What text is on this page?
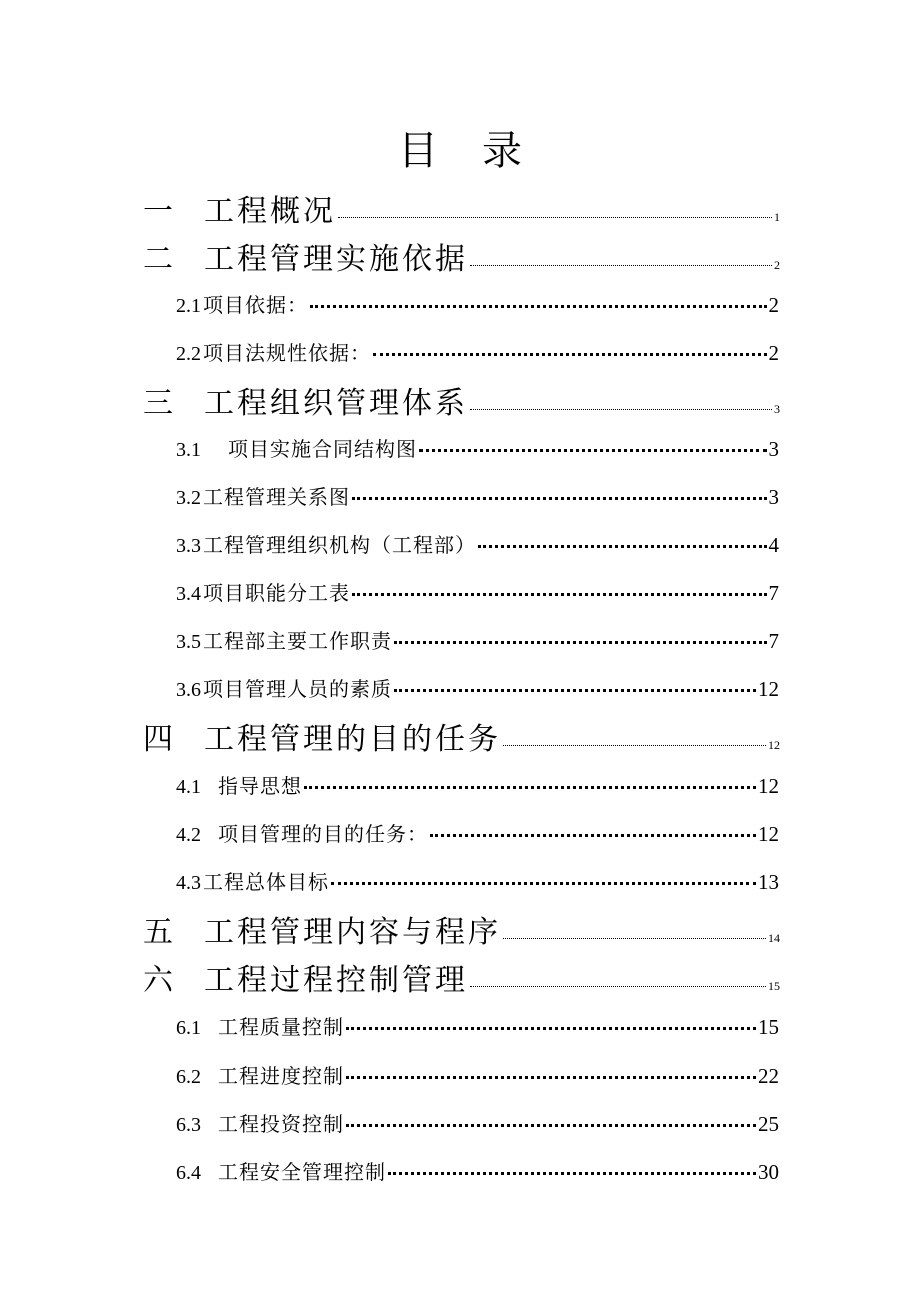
目录
一 工程概况	1
二 工程管理实施依据	2
2.1 项目依据：	2
2.2 项目法规性依据：	2
三 工程组织管理体系	3
3.1	项目实施合同结构图	3
3.2 工程管理关系图	3
3.3 工程管理组织机构（工程部）	4
3.4 项目职能分工表	7
3.5 工程部主要工作职责	7
3.6 项目管理人员的素质	12
四 工程管理的目的任务	12
4.1 指导思想	12
4.2 项目管理的目的任务：	12
4.3 工程总体目标	13
五 工程管理内容与程序	14
六 工程过程控制管理	15
6.1 工程质量控制	15
6.2 工程进度控制	22
6.3 工程投资控制	25
6.4 工程安全管理控制	30
